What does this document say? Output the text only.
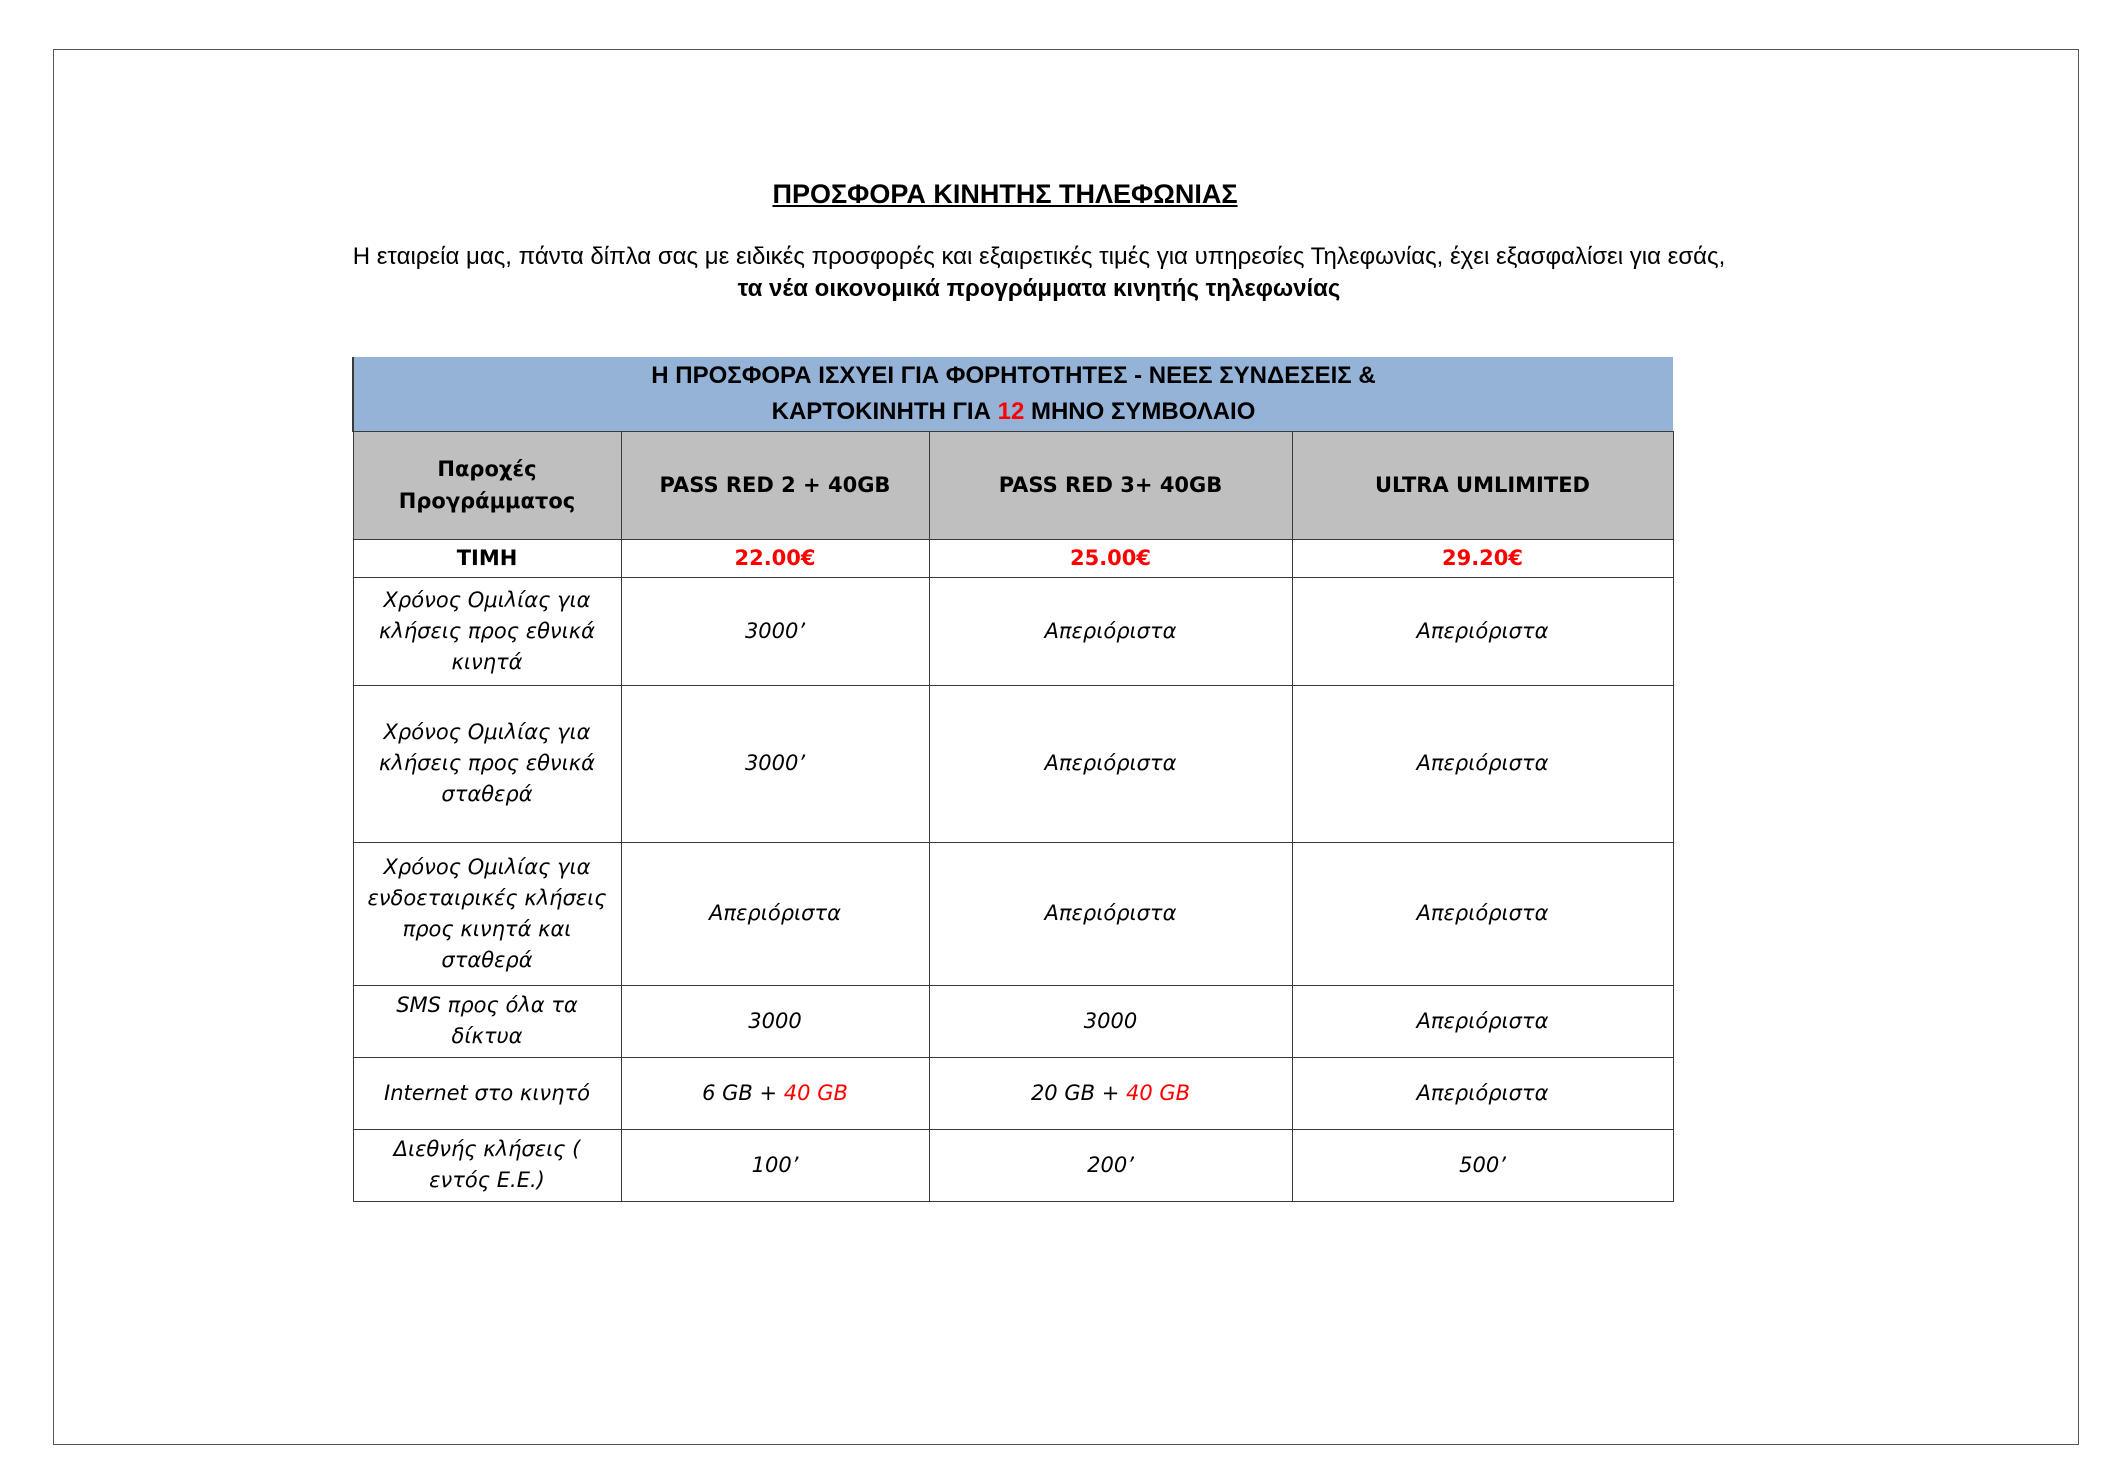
ΠΡΟΣΦΟΡΑ ΚΙΝΗΤΗΣ ΤΗΛΕΦΩΝΙΑΣ
Η εταιρεία μας, πάντα δίπλα σας με ειδικές προσφορές και εξαιρετικές τιμές για υπηρεσίες Τηλεφωνίας, έχει εξασφαλίσει για εσάς,
τα νέα οικονομικά προγράμματα κινητής τηλεφωνίας
Η ΠΡΟΣΦΟΡΑ ΙΣΧΥΕΙ ΓΙΑ ΦΟΡΗΤΟΤΗΤΕΣ - ΝΕΕΣ ΣΥΝΔΕΣΕΙΣ &
ΚΑΡΤΟΚΙΝΗΤΗ ΓΙΑ 12 ΜΗΝΟ ΣΥΜΒΟΛΑΙΟ			

Παροχές
Προγράμματος	PASS RED 2 + 40GB	PASS RED 3+ 40GB	ULTRA UMLIMITED
ΤΙΜΗ	22.00€	25.00€	29.20€

Χρόνος Ομιλίας για
κλήσεις προς εθνικά
κινητά	3000’	Απεριόριστα	Απεριόριστα

Χρόνος Ομιλίας για
κλήσεις προς εθνικά
σταθερά	3000’	Απεριόριστα	Απεριόριστα

Χρόνος Ομιλίας για
ενδοεταιρικές κλήσεις
προς κινητά και
σταθερά	Απεριόριστα	Απεριόριστα	Απεριόριστα

SMS προς όλα τα
δίκτυα	3000	3000	Απεριόριστα

Internet στο κινητό	6 GB + 40 GB	20 GB + 40 GB	Απεριόριστα

Διεθνής κλήσεις (
εντός Ε.Ε.)	100’	200’	500’
